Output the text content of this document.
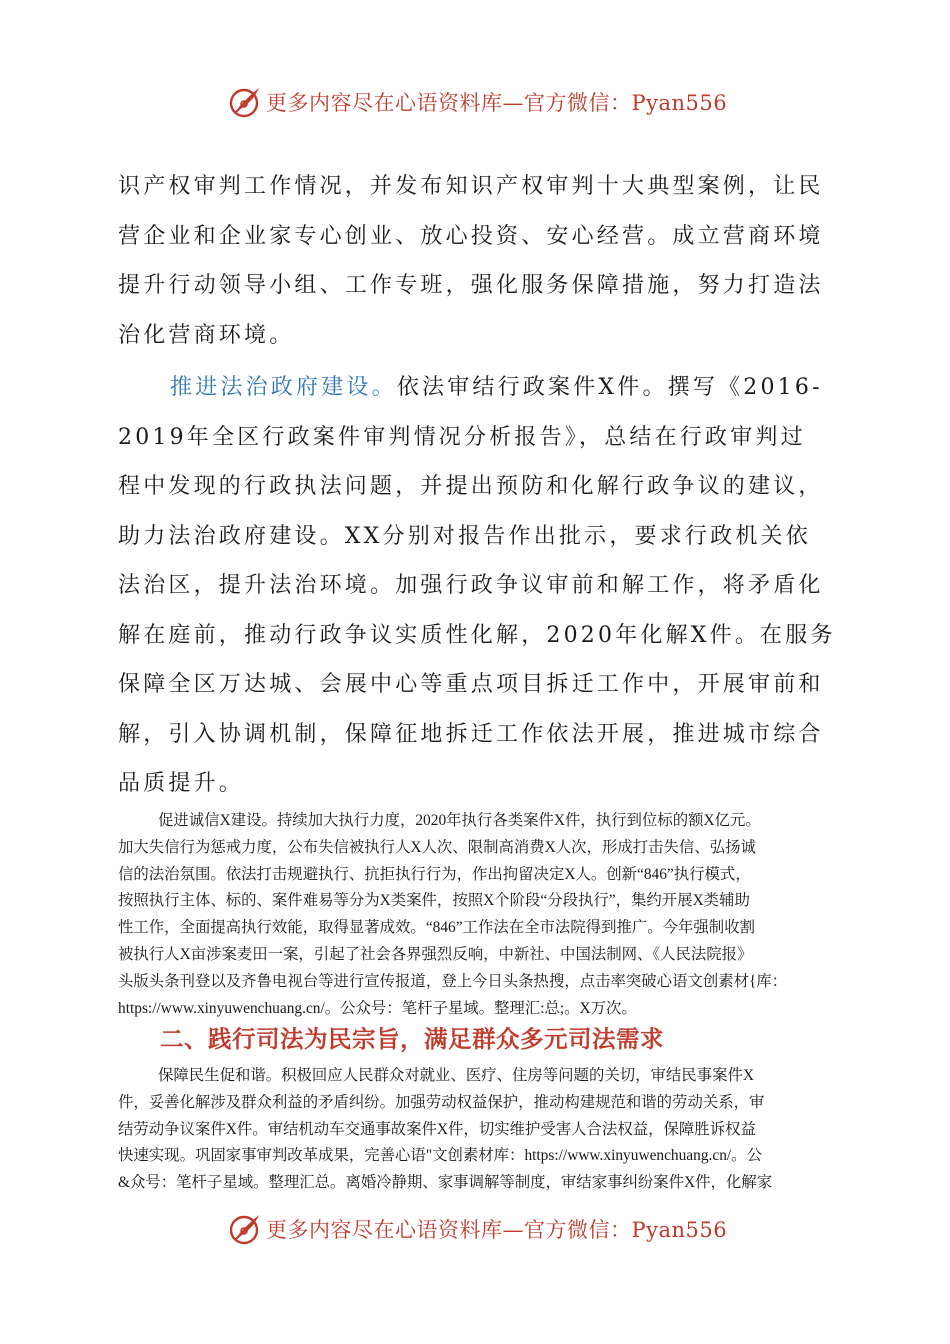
更多内容尽在心语资料库—官方微信：Pyan556
识产权审判工作情况，并发布知识产权审判十大典型案例，让民
营企业和企业家专心创业、放心投资、安心经营。成立营商环境
提升行动领导小组、工作专班，强化服务保障措施，努力打造法
治化营商环境。
推进法治政府建设。依法审结行政案件X件。撰写《2016-
2019年全区行政案件审判情况分析报告》，总结在行政审判过
程中发现的行政执法问题，并提出预防和化解行政争议的建议，
助力法治政府建设。XX分别对报告作出批示，要求行政机关依
法治区，提升法治环境。加强行政争议审前和解工作，将矛盾化
解在庭前，推动行政争议实质性化解，2020年化解X件。在服务
保障全区万达城、会展中心等重点项目拆迁工作中，开展审前和
解，引入协调机制，保障征地拆迁工作依法开展，推进城市综合
品质提升。
促进诚信X建设。持续加大执行力度，2020年执行各类案件X件，执行到位标的额X亿元。
加大失信行为惩戒力度，公布失信被执行人X人次、限制高消费X人次，形成打击失信、弘扬诚
信的法治氛围。依法打击规避执行、抗拒执行行为，作出拘留决定X人。创新“846”执行模式，
按照执行主体、标的、案件难易等分为X类案件，按照X个阶段“分段执行”，集约开展X类辅助
性工作，全面提高执行效能，取得显著成效。“846”工作法在全市法院得到推广。今年强制收割
被执行人X亩涉案麦田一案，引起了社会各界强烈反响，中新社、中国法制网、《人民法院报》
头版头条刊登以及齐鲁电视台等进行宣传报道，登上今日头条热搜，点击率突破心语文创素材{库：
https://www.xinyuwenchuang.cn/。公众号：笔杆子星域。整理汇:总;。X万次。
二、践行司法为民宗旨，满足群众多元司法需求
保障民生促和谐。积极回应人民群众对就业、医疗、住房等问题的关切，审结民事案件X
件，妥善化解涉及群众利益的矛盾纠纷。加强劳动权益保护，推动构建规范和谐的劳动关系，审
结劳动争议案件X件。审结机动车交通事故案件X件，切实维护受害人合法权益，保障胜诉权益
快速实现。巩固家事审判改革成果，完善心语"文创素材库：https://www.xinyuwenchuang.cn/。公
&众号：笔杆子星域。整理汇总。离婚冷静期、家事调解等制度，审结家事纠纷案件X件，化解家
更多内容尽在心语资料库—官方微信：Pyan556
